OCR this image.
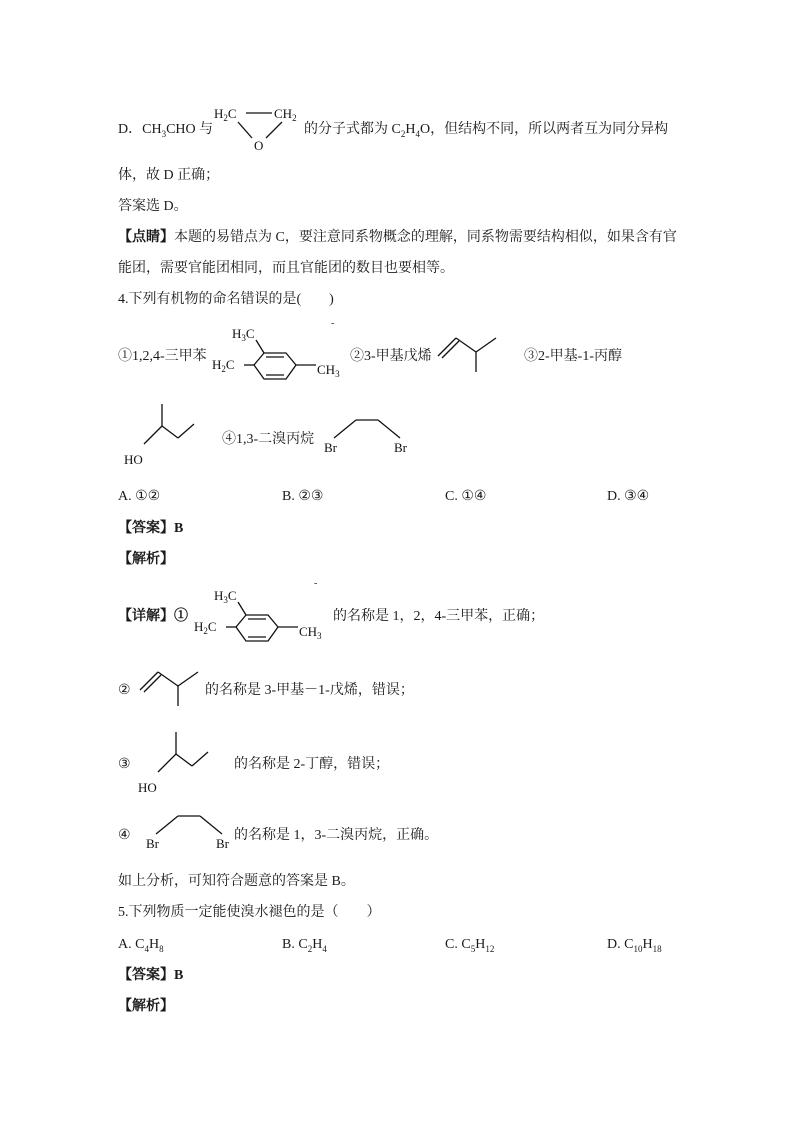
D．$CH_3CHO$ 与
$H_2C$	$CH_2$
O
的分子式都为 $C_2H_4O$，但结构不同，所以两者互为同分异构
体，故 D 正确；
答案选 D。
【点睛】本题的易错点为 C，要注意同系物概念的理解，同系物需要结构相似，如果含有官
能团，需要官能团相同，而且官能团的数目也要相等。
4.下列有机物的命名错误的是(　　)
-
①1,2,4-三甲苯
$H_3C$
$H_2C$	$CH_3$
②3-甲基戊烯	③2-甲基-1-丙醇
HO
④1,3-二溴丙烷
Br	Br
A. ①②	B. ②③	C. ①④	D. ③④
【答案】B
【解析】
-
【详解】①
$H_3C$
$H_2C$	$CH_3$
的名称是 1，2，4-三甲苯，正确；
②	的名称是 3-甲基－1-戊烯，错误；
③
HO
的名称是 2-丁醇，错误；
④
Br	Br
的名称是 1，3-二溴丙烷，正确。
如上分析，可知符合题意的答案是 B。
5.下列物质一定能使溴水褪色的是（　　）
A. $C_4H_8$	B. $C_2H_4$	C. $C_5H_{12}$	D. $C_{10}H_{18}$
【答案】B
【解析】
